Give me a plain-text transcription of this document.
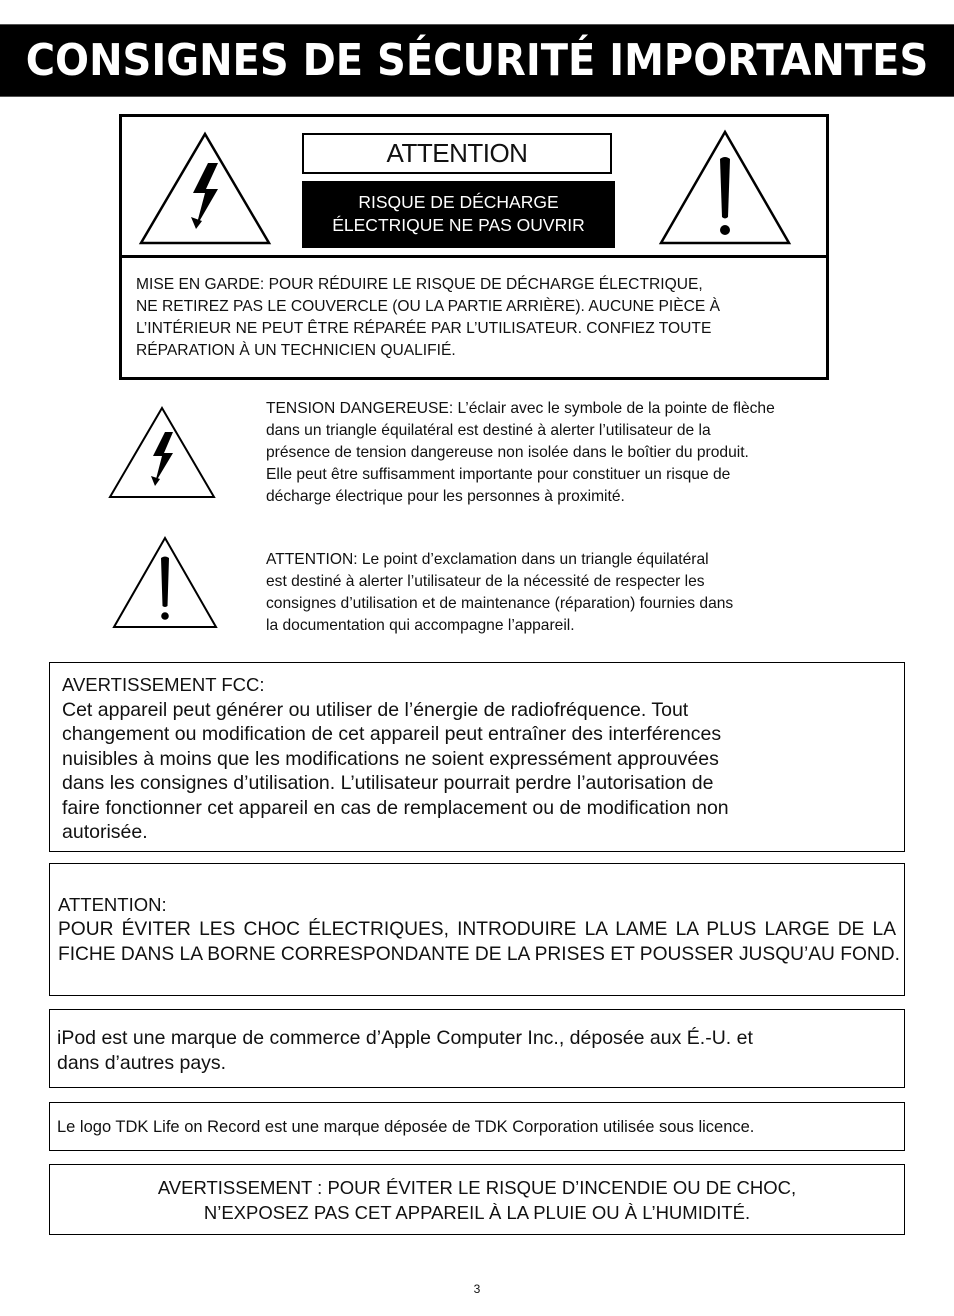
CONSIGNES DE SÉCURITÉ IMPORTANTES
ATTENTION
RISQUE DE DÉCHARGE
ÉLECTRIQUE NE PAS OUVRIR
MISE EN GARDE: POUR RÉDUIRE LE RISQUE DE DÉCHARGE ÉLECTRIQUE,
NE RETIREZ PAS LE COUVERCLE (OU LA PARTIE ARRIÈRE). AUCUNE PIÈCE À
L’INTÉRIEUR NE PEUT ÊTRE RÉPARÉE PAR L’UTILISATEUR. CONFIEZ TOUTE
RÉPARATION À UN TECHNICIEN QUALIFIÉ.
TENSION DANGEREUSE: L’éclair avec le symbole de la pointe de flèche
dans un triangle équilatéral est destiné à alerter l’utilisateur de la
présence de tension dangereuse non isolée dans le boîtier du produit.
Elle peut être suffisamment importante pour constituer un risque de
décharge électrique pour les personnes à proximité.
ATTENTION: Le point d’exclamation dans un triangle équilatéral
est destiné à alerter l’utilisateur de la nécessité de respecter les
consignes d’utilisation et de maintenance (réparation) fournies dans
la documentation qui accompagne l’appareil.
AVERTISSEMENT FCC:
Cet appareil peut générer ou utiliser de l’énergie de radiofréquence. Tout
changement ou modification de cet appareil peut entraîner des interférences
nuisibles à moins que les modifications ne soient expressément approuvées
dans les consignes d’utilisation. L’utilisateur pourrait perdre l’autorisation de
faire fonctionner cet appareil en cas de remplacement ou de modification non
autorisée.
ATTENTION:
POUR ÉVITER LES CHOC ÉLECTRIQUES, INTRODUIRE LA LAME LA PLUS LARGE DE LA
FICHE DANS LA BORNE CORRESPONDANTE DE LA PRISES ET POUSSER JUSQU’AU FOND.
iPod est une marque de commerce d’Apple Computer Inc., déposée aux É.-U. et
dans d’autres pays.
Le logo TDK Life on Record est une marque déposée de TDK Corporation utilisée sous licence.
AVERTISSEMENT : POUR ÉVITER LE RISQUE D’INCENDIE OU DE CHOC,
N’EXPOSEZ PAS CET APPAREIL À LA PLUIE OU À L’HUMIDITÉ.
3
